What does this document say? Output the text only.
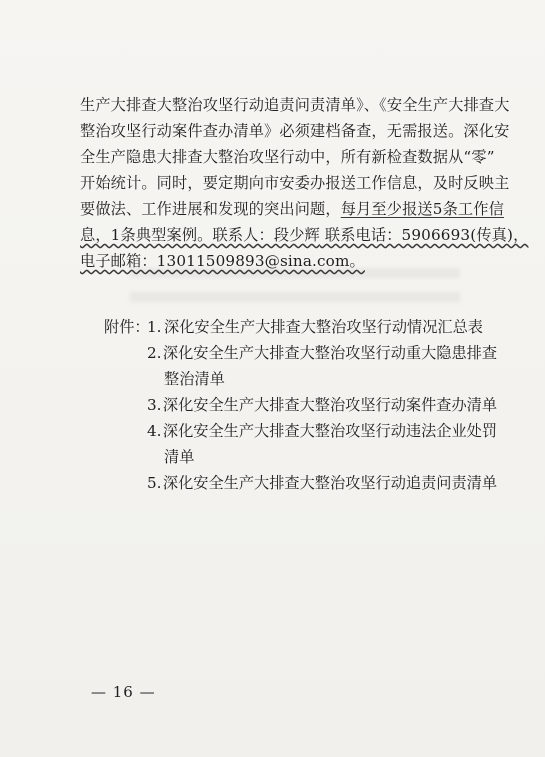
生产大排查大整治攻坚行动追责问责清单》、《安全生产大排查大
整治攻坚行动案件查办清单》必须建档备查，无需报送。深化安
全生产隐患大排查大整治攻坚行动中，所有新检查数据从“零”
开始统计。同时，要定期向市安委办报送工作信息，及时反映主
要做法、工作进展和发现的突出问题，每月至少报送5条工作信
息，1条典型案例。联系人：段少辉 联系电话：5906693(传真)，
电子邮箱：13011509893@sina.com。
附件：
1. 深化安全生产大排查大整治攻坚行动情况汇总表
2. 深化安全生产大排查大整治攻坚行动重大隐患排查
整治清单
3. 深化安全生产大排查大整治攻坚行动案件查办清单
4. 深化安全生产大排查大整治攻坚行动违法企业处罚
清单
5. 深化安全生产大排查大整治攻坚行动追责问责清单
— 16 —
